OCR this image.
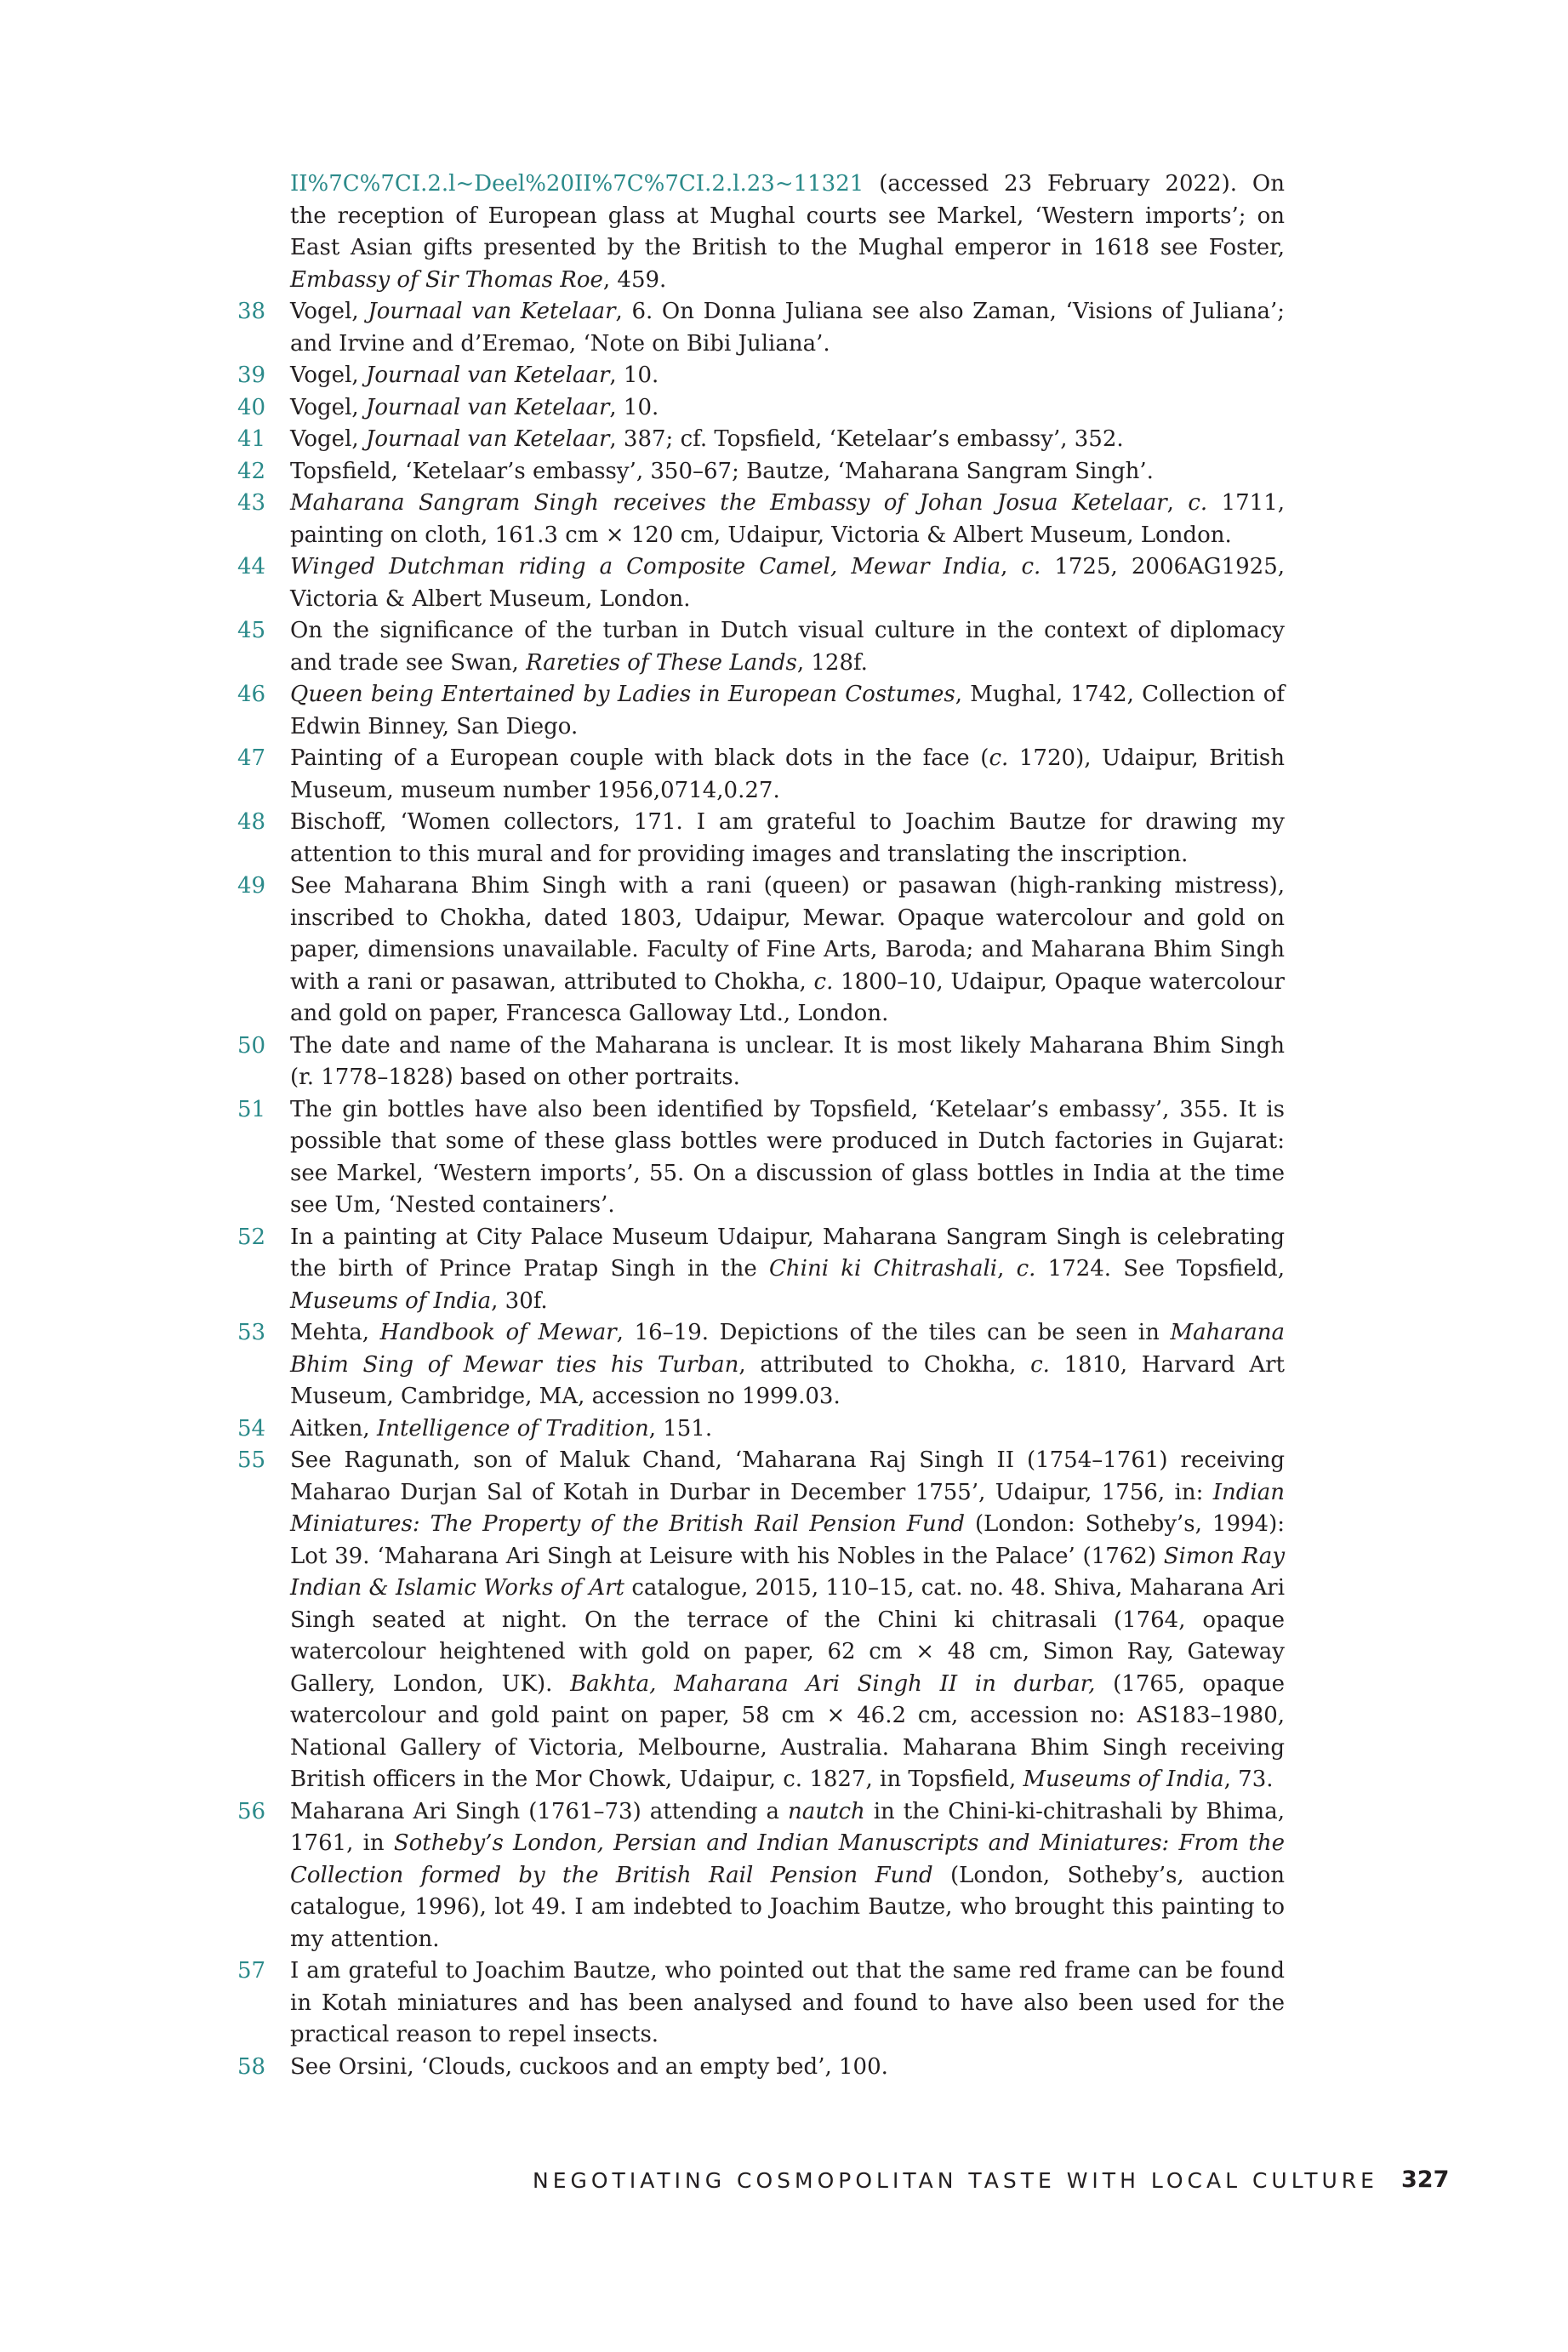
II%7C%7CI.2.l~Deel%20II%7C%7CI.2.l.23~11321 (accessed 23 February 2022). On the reception of European glass at Mughal courts see Markel, ‘Western imports’; on East Asian gifts presented by the British to the Mughal emperor in 1618 see Foster, Embassy of Sir Thomas Roe, 459.
38 Vogel, Journaal van Ketelaar, 6. On Donna Juliana see also Zaman, ‘Visions of Juliana’; and Irvine and d’Eremao, ‘Note on Bibi Juliana’.
39 Vogel, Journaal van Ketelaar, 10.
40 Vogel, Journaal van Ketelaar, 10.
41 Vogel, Journaal van Ketelaar, 387; cf. Topsfield, ‘Ketelaar’s embassy’, 352.
42 Topsfield, ‘Ketelaar’s embassy’, 350–67; Bautze, ‘Maharana Sangram Singh’.
43 Maharana Sangram Singh receives the Embassy of Johan Josua Ketelaar, c. 1711, painting on cloth, 161.3 cm × 120 cm, Udaipur, Victoria & Albert Museum, London.
44 Winged Dutchman riding a Composite Camel, Mewar India, c. 1725, 2006AG1925, Victoria & Albert Museum, London.
45 On the significance of the turban in Dutch visual culture in the context of diplomacy and trade see Swan, Rareties of These Lands, 128f.
46 Queen being Entertained by Ladies in European Costumes, Mughal, 1742, Collection of Edwin Binney, San Diego.
47 Painting of a European couple with black dots in the face (c. 1720), Udaipur, British Museum, museum number 1956,0714,0.27.
48 Bischoff, ‘Women collectors, 171. I am grateful to Joachim Bautze for drawing my attention to this mural and for providing images and translating the inscription.
49 See Maharana Bhim Singh with a rani (queen) or pasawan (high-ranking mistress), inscribed to Chokha, dated 1803, Udaipur, Mewar. Opaque watercolour and gold on paper, dimensions unavailable. Faculty of Fine Arts, Baroda; and Maharana Bhim Singh with a rani or pasawan, attributed to Chokha, c. 1800–10, Udaipur, Opaque watercolour and gold on paper, Francesca Galloway Ltd., London.
50 The date and name of the Maharana is unclear. It is most likely Maharana Bhim Singh (r. 1778–1828) based on other portraits.
51 The gin bottles have also been identified by Topsfield, ‘Ketelaar’s embassy’, 355. It is possible that some of these glass bottles were produced in Dutch factories in Gujarat: see Markel, ‘Western imports’, 55. On a discussion of glass bottles in India at the time see Um, ‘Nested containers’.
52 In a painting at City Palace Museum Udaipur, Maharana Sangram Singh is celebrating the birth of Prince Pratap Singh in the Chini ki Chitrashali, c. 1724. See Topsfield, Museums of India, 30f.
53 Mehta, Handbook of Mewar, 16–19. Depictions of the tiles can be seen in Maharana Bhim Sing of Mewar ties his Turban, attributed to Chokha, c. 1810, Harvard Art Museum, Cambridge, MA, accession no 1999.03.
54 Aitken, Intelligence of Tradition, 151.
55 See Ragunath, son of Maluk Chand, ‘Maharana Raj Singh II (1754–1761) receiving Maharao Durjan Sal of Kotah in Durbar in December 1755’, Udaipur, 1756, in: Indian Miniatures: The Property of the British Rail Pension Fund (London: Sotheby’s, 1994): Lot 39. ‘Maharana Ari Singh at Leisure with his Nobles in the Palace’ (1762) Simon Ray Indian & Islamic Works of Art catalogue, 2015, 110–15, cat. no. 48. Shiva, Maharana Ari Singh seated at night. On the terrace of the Chini ki chitrasali (1764, opaque watercolour heightened with gold on paper, 62 cm × 48 cm, Simon Ray, Gateway Gallery, London, UK). Bakhta, Maharana Ari Singh II in durbar, (1765, opaque watercolour and gold paint on paper, 58 cm × 46.2 cm, accession no: AS183–1980, National Gallery of Victoria, Melbourne, Australia. Maharana Bhim Singh receiving British officers in the Mor Chowk, Udaipur, c. 1827, in Topsfield, Museums of India, 73.
56 Maharana Ari Singh (1761–73) attending a nautch in the Chini-ki-chitrashali by Bhima, 1761, in Sotheby’s London, Persian and Indian Manuscripts and Miniatures: From the Collection formed by the British Rail Pension Fund (London, Sotheby’s, auction catalogue, 1996), lot 49. I am indebted to Joachim Bautze, who brought this painting to my attention.
57 I am grateful to Joachim Bautze, who pointed out that the same red frame can be found in Kotah miniatures and has been analysed and found to have also been used for the practical reason to repel insects.
58 See Orsini, ‘Clouds, cuckoos and an empty bed’, 100.
NEGOTIATING COSMOPOLITAN TASTE WITH LOCAL CULTURE 327
